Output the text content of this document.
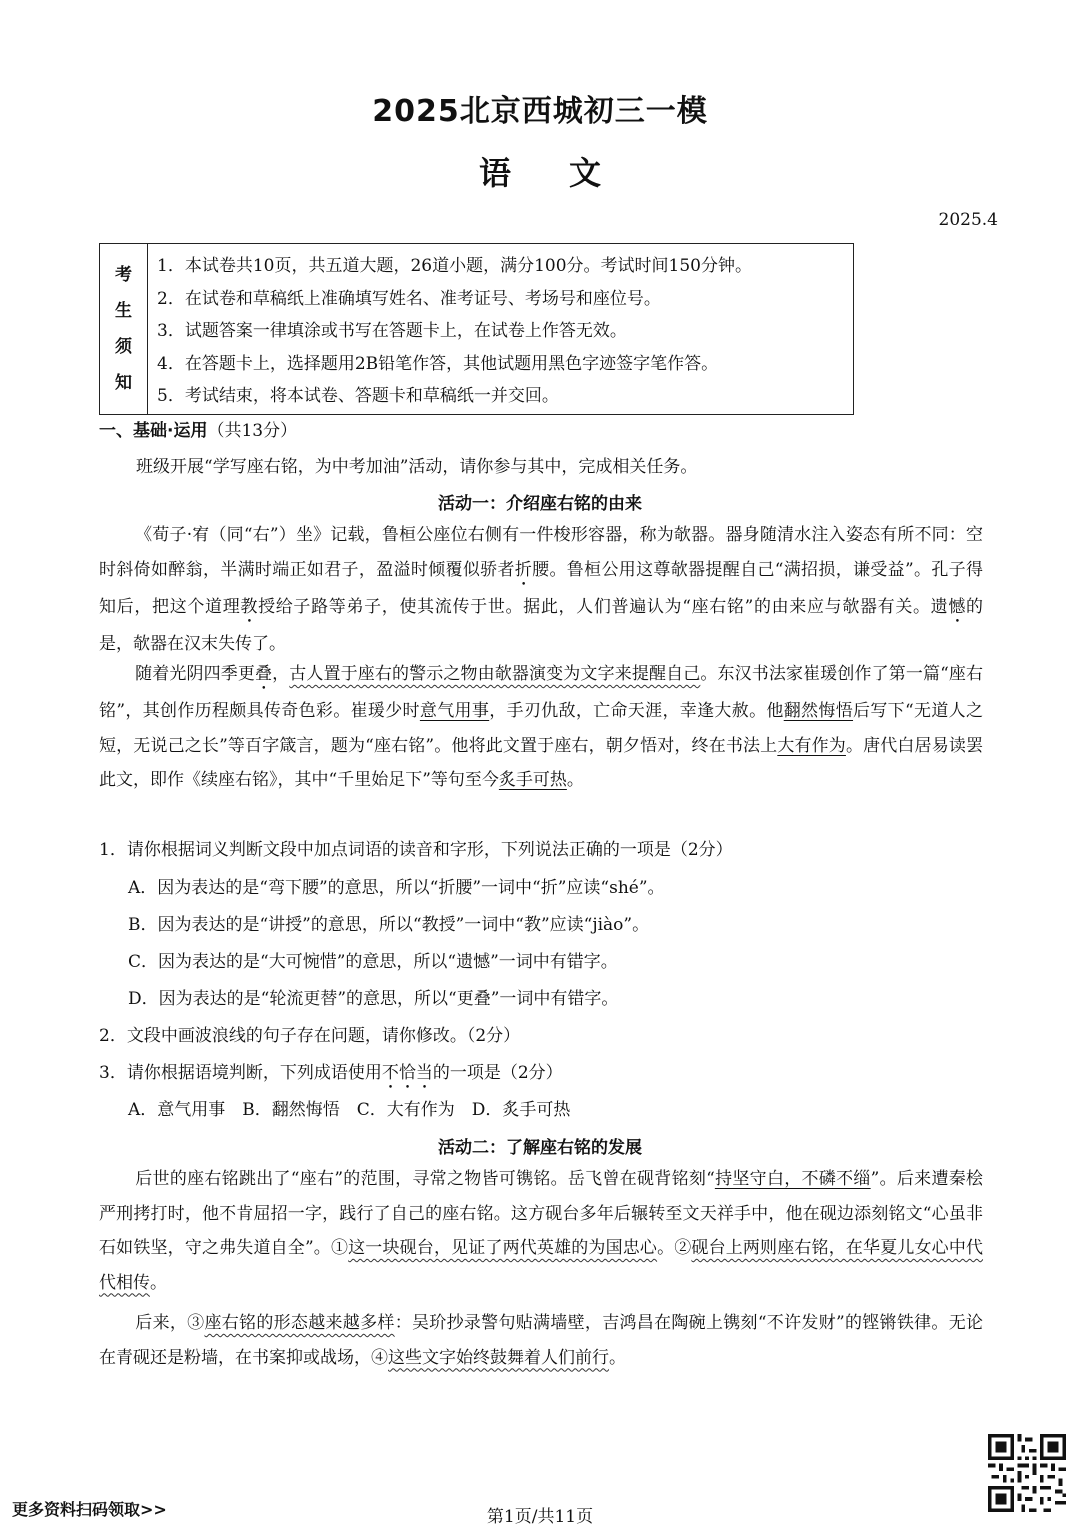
2025北京西城初三一模
语文
2025.4
考
生
须
知
1．本试卷共10页，共五道大题，26道小题，满分100分。考试时间150分钟。
2．在试卷和草稿纸上准确填写姓名、准考证号、考场号和座位号。
3．试题答案一律填涂或书写在答题卡上，在试卷上作答无效。
4．在答题卡上，选择题用2B铅笔作答，其他试题用黑色字迹签字笔作答。
5．考试结束，将本试卷、答题卡和草稿纸一并交回。
一、基础·运用（共13分）
班级开展“学写座右铭，为中考加油”活动，请你参与其中，完成相关任务。
活动一：介绍座右铭的由来
《荀子·宥（同“右”）坐》记载，鲁桓公座位右侧有一件梭形容器，称为欹器。器身随清水注入姿态有所不同：空时斜倚如醉翁，半满时端正如君子，盈溢时倾覆似骄者折腰。鲁桓公用这尊欹器提醒自己“满招损，谦受益”。孔子得知后，把这个道理教授给子路等弟子，使其流传于世。据此，人们普遍认为“座右铭”的由来应与欹器有关。遗憾的是，欹器在汉末失传了。
随着光阴四季更叠，古人置于座右的警示之物由欹器演变为文字来提醒自己。东汉书法家崔瑗创作了第一篇“座右铭”，其创作历程颇具传奇色彩。崔瑗少时意气用事，手刃仇敌，亡命天涯，幸逢大赦。他翻然悔悟后写下“无道人之短，无说己之长”等百字箴言，题为“座右铭”。他将此文置于座右，朝夕悟对，终在书法上大有作为。唐代白居易读罢此文，即作《续座右铭》，其中“千里始足下”等句至今炙手可热。
1．请你根据词义判断文段中加点词语的读音和字形，下列说法正确的一项是（2分）
A．因为表达的是“弯下腰”的意思，所以“折腰”一词中“折”应读“shé”。
B．因为表达的是“讲授”的意思，所以“教授”一词中“教”应读“jiào”。
C．因为表达的是“大可惋惜”的意思，所以“遗憾”一词中有错字。
D．因为表达的是“轮流更替”的意思，所以“更叠”一词中有错字。
2．文段中画波浪线的句子存在问题，请你修改。（2分）
3．请你根据语境判断，下列成语使用不恰当的一项是（2分）
A．意气用事　B．翻然悔悟　C．大有作为　D．炙手可热
活动二：了解座右铭的发展
后世的座右铭跳出了“座右”的范围，寻常之物皆可镌铭。岳飞曾在砚背铭刻“持坚守白，不磷不缁”。后来遭秦桧严刑拷打时，他不肯屈招一字，践行了自己的座右铭。这方砚台多年后辗转至文天祥手中，他在砚边添刻铭文“心虽非石如铁坚，守之弗失道自全”。①这一块砚台，见证了两代英雄的为国忠心。②砚台上两则座右铭，在华夏儿女心中代代相传。
后来，③座右铭的形态越来越多样：吴玠抄录警句贴满墙壁，吉鸿昌在陶碗上镌刻“不许发财”的铿锵铁律。无论在青砚还是粉墙，在书案抑或战场，④这些文字始终鼓舞着人们前行。
更多资料扫码领取>>	第1页/共11页
